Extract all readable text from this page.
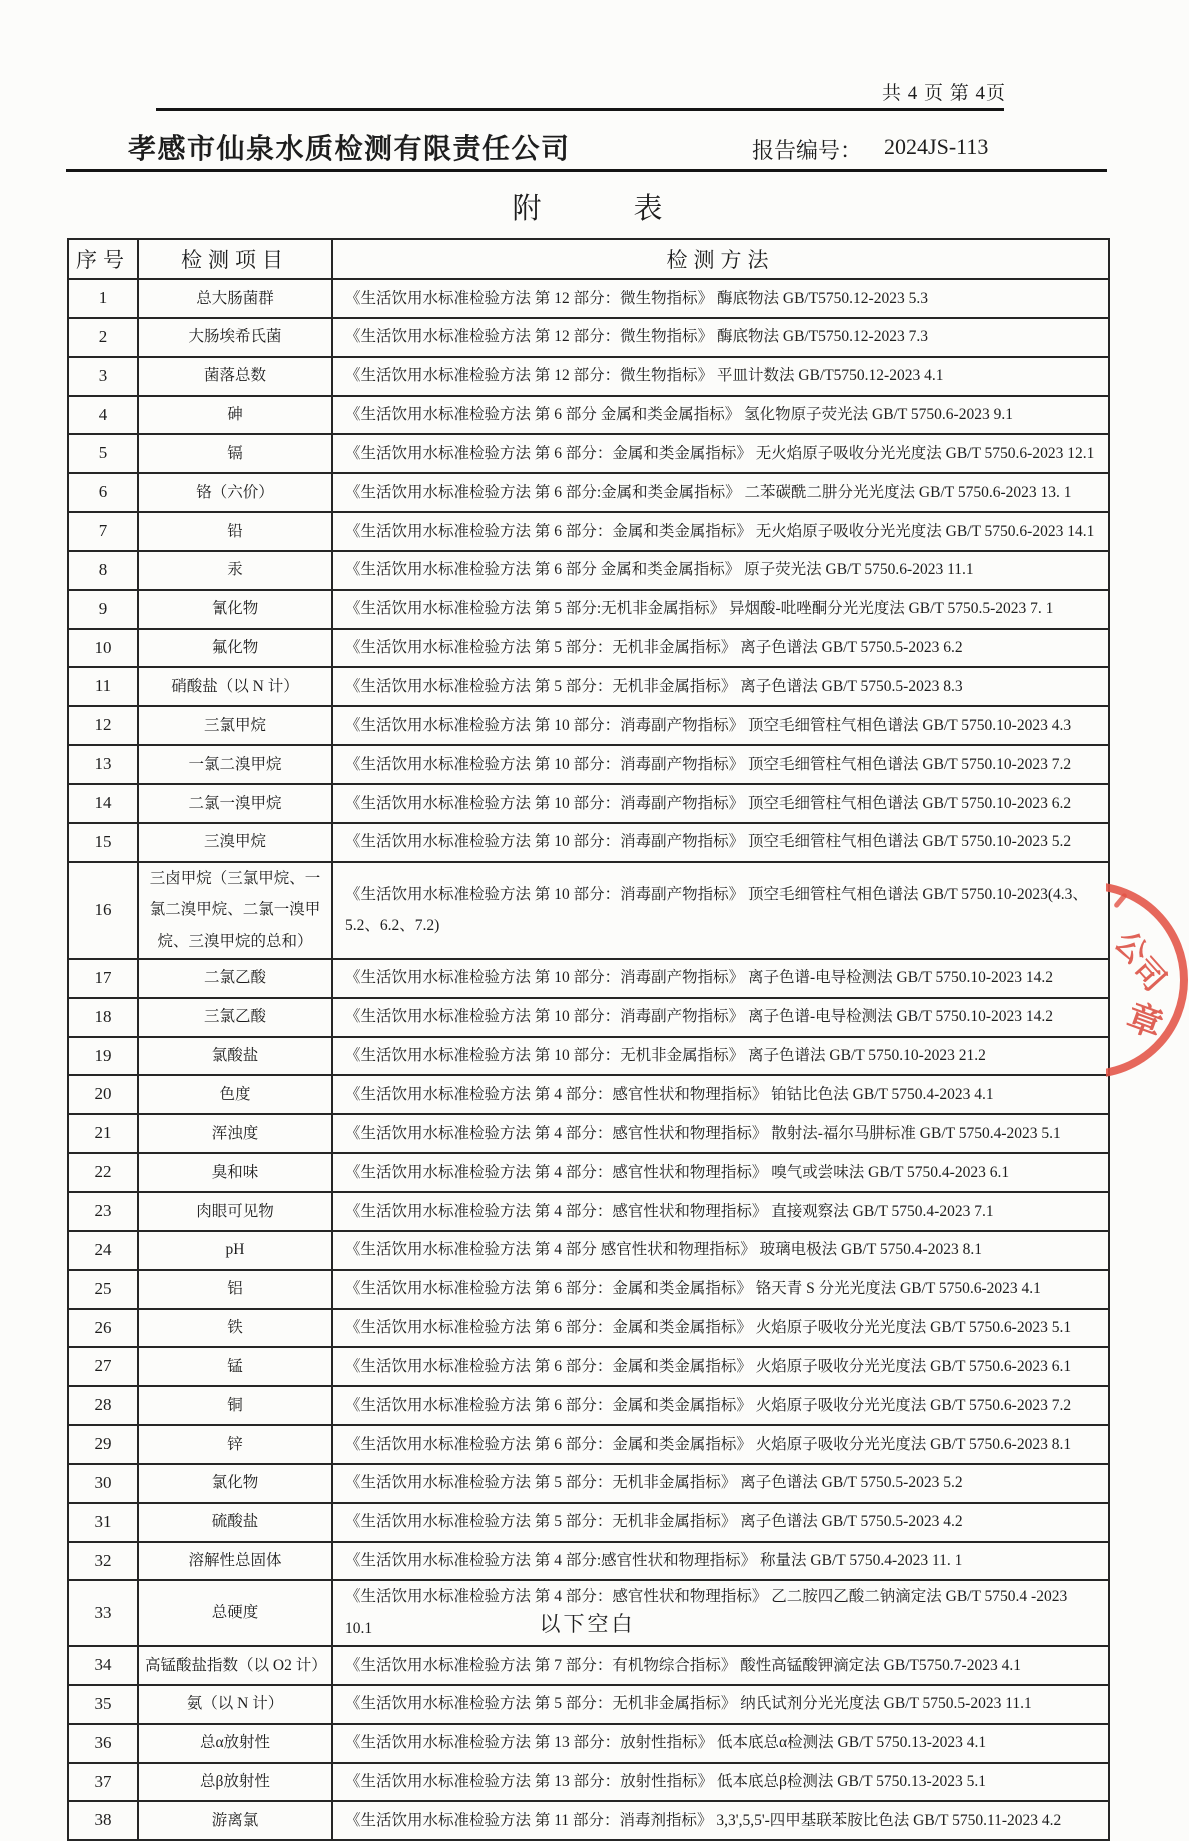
共 4 页 第 4页
孝感市仙泉水质检测有限责任公司	报告编号： 2024JS-113
附	表
序号	检测项目	检测方法
1	总大肠菌群	《生活饮用水标准检验方法 第 12 部分：微生物指标》 酶底物法 GB/T5750.12-2023 5.3
2	大肠埃希氏菌	《生活饮用水标准检验方法 第 12 部分：微生物指标》 酶底物法 GB/T5750.12-2023 7.3
3	菌落总数	《生活饮用水标准检验方法 第 12 部分：微生物指标》 平皿计数法 GB/T5750.12-2023 4.1
4	砷	《生活饮用水标准检验方法 第 6 部分 金属和类金属指标》 氢化物原子荧光法 GB/T 5750.6-2023 9.1
5	镉	《生活饮用水标准检验方法 第 6 部分：金属和类金属指标》 无火焰原子吸收分光光度法 GB/T 5750.6-2023 12.1
6	铬（六价）	《生活饮用水标准检验方法 第 6 部分:金属和类金属指标》 二苯碳酰二肼分光光度法 GB/T 5750.6-2023 13. 1
7	铅	《生活饮用水标准检验方法 第 6 部分：金属和类金属指标》 无火焰原子吸收分光光度法 GB/T 5750.6-2023 14.1
8	汞	《生活饮用水标准检验方法 第 6 部分 金属和类金属指标》 原子荧光法 GB/T 5750.6-2023 11.1
9	氰化物	《生活饮用水标准检验方法 第 5 部分:无机非金属指标》 异烟酸-吡唑酮分光光度法 GB/T 5750.5-2023 7. 1
10	氟化物	《生活饮用水标准检验方法 第 5 部分：无机非金属指标》 离子色谱法 GB/T 5750.5-2023 6.2
11	硝酸盐（以 N 计）	《生活饮用水标准检验方法 第 5 部分：无机非金属指标》 离子色谱法 GB/T 5750.5-2023 8.3
12	三氯甲烷	《生活饮用水标准检验方法 第 10 部分：消毒副产物指标》 顶空毛细管柱气相色谱法 GB/T 5750.10-2023 4.3
13	一氯二溴甲烷	《生活饮用水标准检验方法 第 10 部分：消毒副产物指标》 顶空毛细管柱气相色谱法 GB/T 5750.10-2023 7.2
14	二氯一溴甲烷	《生活饮用水标准检验方法 第 10 部分：消毒副产物指标》 顶空毛细管柱气相色谱法 GB/T 5750.10-2023 6.2
15	三溴甲烷	《生活饮用水标准检验方法 第 10 部分：消毒副产物指标》 顶空毛细管柱气相色谱法 GB/T 5750.10-2023 5.2
16	三卤甲烷（三氯甲烷、一氯二溴甲烷、二氯一溴甲烷、三溴甲烷的总和）	《生活饮用水标准检验方法 第 10 部分：消毒副产物指标》 顶空毛细管柱气相色谱法 GB/T 5750.10-2023(4.3、5.2、6.2、7.2)
17	二氯乙酸	《生活饮用水标准检验方法 第 10 部分：消毒副产物指标》 离子色谱-电导检测法 GB/T 5750.10-2023 14.2
18	三氯乙酸	《生活饮用水标准检验方法 第 10 部分：消毒副产物指标》 离子色谱-电导检测法 GB/T 5750.10-2023 14.2
19	氯酸盐	《生活饮用水标准检验方法 第 10 部分：无机非金属指标》 离子色谱法 GB/T 5750.10-2023 21.2
20	色度	《生活饮用水标准检验方法 第 4 部分：感官性状和物理指标》 铂钴比色法 GB/T 5750.4-2023 4.1
21	浑浊度	《生活饮用水标准检验方法 第 4 部分：感官性状和物理指标》 散射法-福尔马肼标准 GB/T 5750.4-2023 5.1
22	臭和味	《生活饮用水标准检验方法 第 4 部分：感官性状和物理指标》 嗅气或尝味法 GB/T 5750.4-2023 6.1
23	肉眼可见物	《生活饮用水标准检验方法 第 4 部分：感官性状和物理指标》 直接观察法 GB/T 5750.4-2023 7.1
24	pH	《生活饮用水标准检验方法 第 4 部分 感官性状和物理指标》 玻璃电极法 GB/T 5750.4-2023 8.1
25	铝	《生活饮用水标准检验方法 第 6 部分：金属和类金属指标》 铬天青 S 分光光度法 GB/T 5750.6-2023 4.1
26	铁	《生活饮用水标准检验方法 第 6 部分：金属和类金属指标》 火焰原子吸收分光光度法 GB/T 5750.6-2023 5.1
27	锰	《生活饮用水标准检验方法 第 6 部分：金属和类金属指标》 火焰原子吸收分光光度法 GB/T 5750.6-2023 6.1
28	铜	《生活饮用水标准检验方法 第 6 部分：金属和类金属指标》 火焰原子吸收分光光度法 GB/T 5750.6-2023 7.2
29	锌	《生活饮用水标准检验方法 第 6 部分：金属和类金属指标》 火焰原子吸收分光光度法 GB/T 5750.6-2023 8.1
30	氯化物	《生活饮用水标准检验方法 第 5 部分：无机非金属指标》 离子色谱法 GB/T 5750.5-2023 5.2
31	硫酸盐	《生活饮用水标准检验方法 第 5 部分：无机非金属指标》 离子色谱法 GB/T 5750.5-2023 4.2
32	溶解性总固体	《生活饮用水标准检验方法 第 4 部分:感官性状和物理指标》 称量法 GB/T 5750.4-2023 11. 1
33	总硬度	《生活饮用水标准检验方法 第 4 部分：感官性状和物理指标》 乙二胺四乙酸二钠滴定法 GB/T 5750.4 -2023 10.1
34	高锰酸盐指数（以 O2 计）	《生活饮用水标准检验方法 第 7 部分：有机物综合指标》 酸性高锰酸钾滴定法 GB/T5750.7-2023 4.1
35	氨（以 N 计）	《生活饮用水标准检验方法 第 5 部分：无机非金属指标》 纳氏试剂分光光度法 GB/T 5750.5-2023 11.1
36	总α放射性	《生活饮用水标准检验方法 第 13 部分：放射性指标》 低本底总α检测法 GB/T 5750.13-2023 4.1
37	总β放射性	《生活饮用水标准检验方法 第 13 部分：放射性指标》 低本底总β检测法 GB/T 5750.13-2023 5.1
38	游离氯	《生活饮用水标准检验方法 第 11 部分：消毒剂指标》 3,3',5,5'-四甲基联苯胺比色法 GB/T 5750.11-2023 4.2
以下空白
公
司
章
